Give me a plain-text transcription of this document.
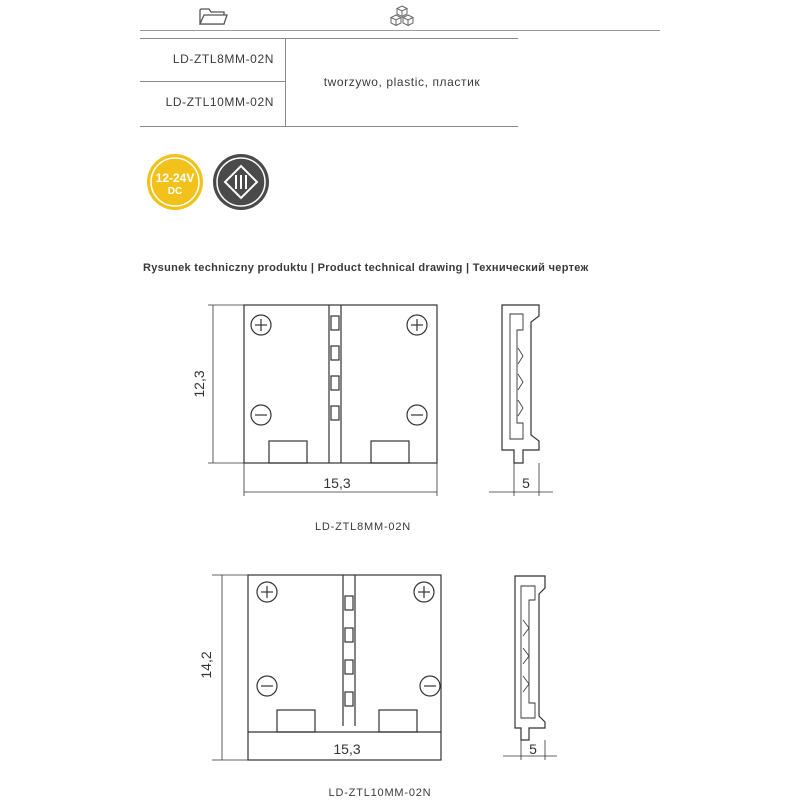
LD-ZTL8MM-02N
LD-ZTL10MM-02N
tworzywo, plastic, пластик
12-24V
DC
Rysunek techniczny produktu | Product technical drawing | Технический чертеж
12,3
15,3	5
LD-ZTL8MM-02N
14,2
15,3	5
LD-ZTL10MM-02N
